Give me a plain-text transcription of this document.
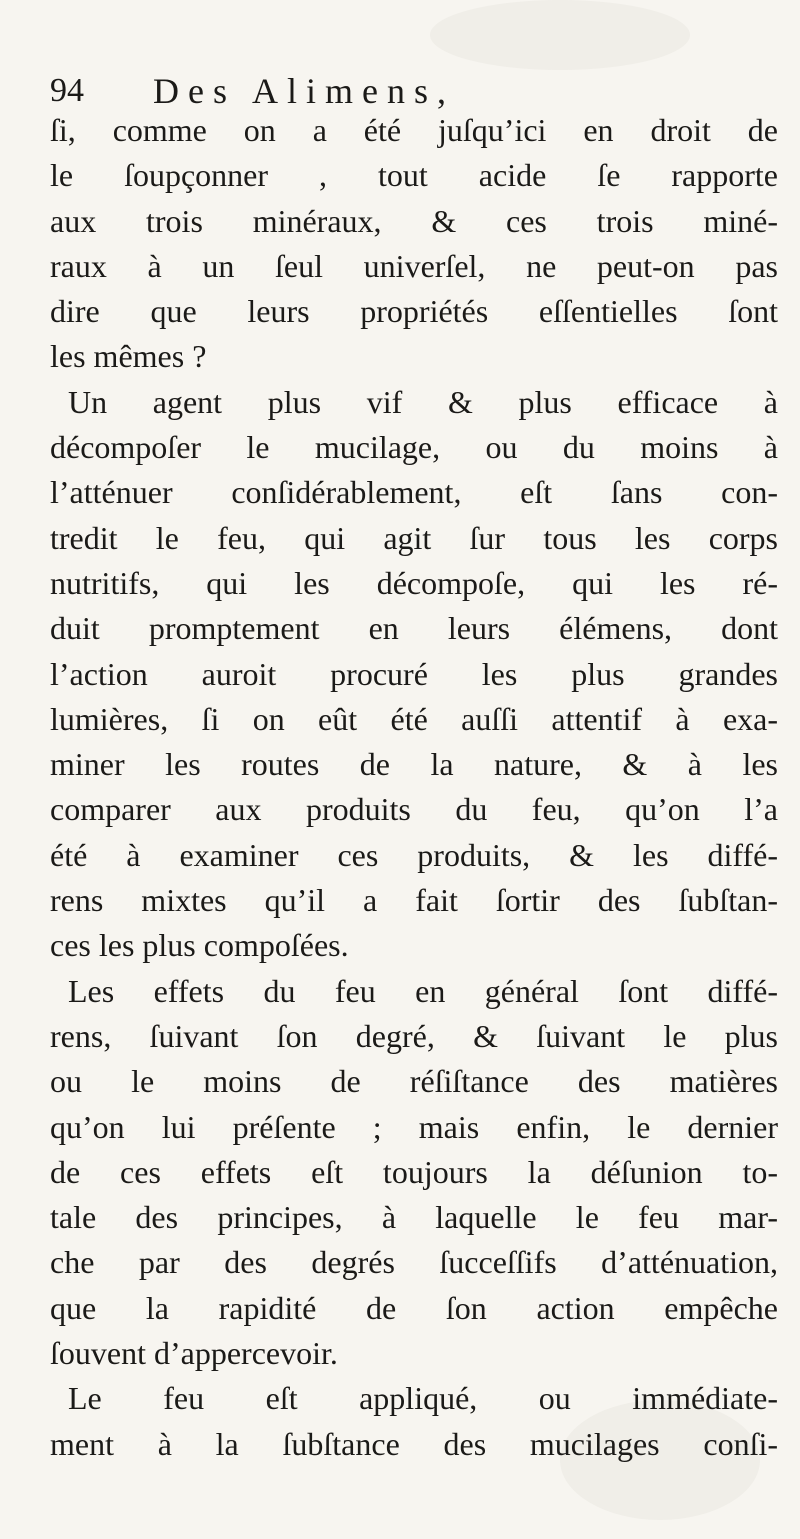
94 Des Alimens,
ſi, comme on a été juſqu’ici en droit de
le ſoupçonner , tout acide ſe rapporte
aux trois minéraux, & ces trois miné-
raux à un ſeul univerſel, ne peut-on pas
dire que leurs propriétés eſſentielles ſont
les mêmes ?
Un agent plus vif & plus efficace à
décompoſer le mucilage, ou du moins à
l’atténuer conſidérablement, eſt ſans con-
tredit le feu, qui agit ſur tous les corps
nutritifs, qui les décompoſe, qui les ré-
duit promptement en leurs élémens, dont
l’action auroit procuré les plus grandes
lumières, ſi on eût été auſſi attentif à exa-
miner les routes de la nature, & à les
comparer aux produits du feu, qu’on l’a
été à examiner ces produits, & les diffé-
rens mixtes qu’il a fait ſortir des ſubſtan-
ces les plus compoſées.
Les effets du feu en général ſont diffé-
rens, ſuivant ſon degré, & ſuivant le plus
ou le moins de réſiſtance des matières
qu’on lui préſente ; mais enfin, le dernier
de ces effets eſt toujours la déſunion to-
tale des principes, à laquelle le feu mar-
che par des degrés ſucceſſifs d’atténuation,
que la rapidité de ſon action empêche
ſouvent d’appercevoir.
Le feu eſt appliqué, ou immédiate-
ment à la ſubſtance des mucilages conſi-
